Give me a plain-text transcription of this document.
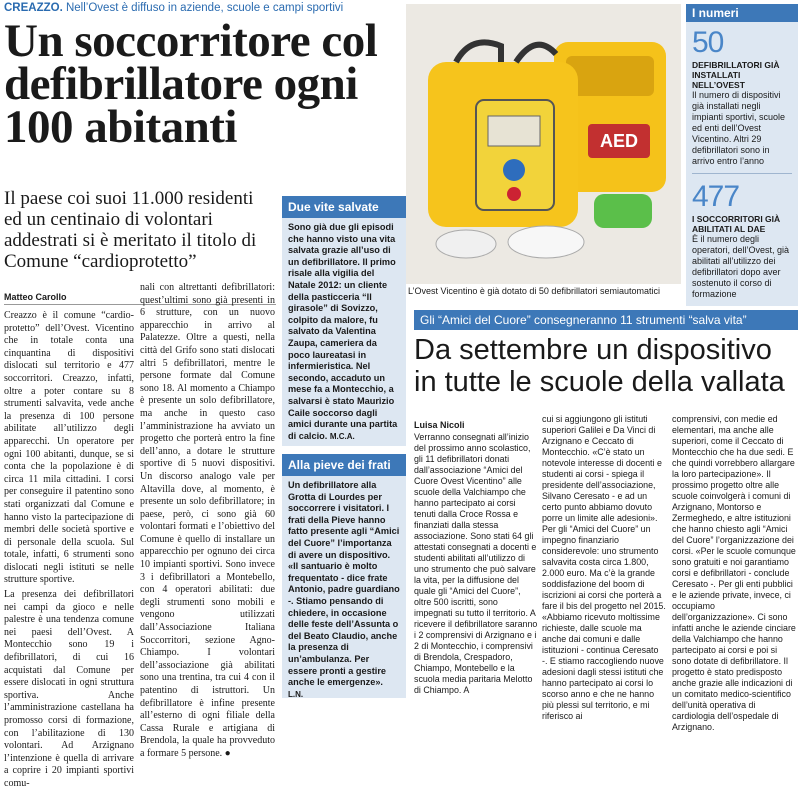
CREAZZO. Nell’Ovest è diffuso in aziende, scuole e campi sportivi
Un soccorritore col defibrillatore ogni 100 abitanti
Il paese coi suoi 11.000 residenti ed un centinaio di volontari addestrati si è meritato il titolo di Comune “cardioprotetto”
Matteo Carollo

Creazzo è il comune “cardio-protetto” dell’Ovest. Vicentino che in totale conta una cinquantina di dispositivi dislocati sul territorio e 477 soccorritori. Creazzo, infatti, oltre a poter contare su 8 strumenti salvavita, vede anche la presenza di 100 persone abilitate all’utilizzo degli apparecchi. Un operatore per ogni 100 abitanti, dunque, se si conta che la popolazione è di circa 11 mila cittadini. I corsi per conseguire il patentino sono stati organizzati dal Comune e hanno visto la partecipazione di membri delle società sportive e di personale della scuola. Sul totale, infatti, 6 strumenti sono dislocati negli istituti se nelle strutture sportive.

La presenza dei defibrillatori nei campi da gioco e nelle palestre è una tendenza comune nei paesi dell’Ovest. A Montecchio sono 19 i defibrillatori, di cui 16 acquistati dal Comune per essere dislocati in ogni struttura sportiva. Anche l’amministrazione castellana ha promosso corsi di formazione, con l’abilitazione di 130 volontari. Ad Arzignano l’intenzione è quella di arrivare a coprire i 20 impianti sportivi comu-

nali con altrettanti defibrillatori: quest’ultimi sono già presenti in 6 strutture, con un nuovo apparecchio in arrivo al Palatezze. Oltre a questi, nella città del Grifo sono stati dislocati altri 5 defibrillatori, mentre le persone formate dal Comune sono 18. Al momento a Chiampo è presente un solo defibrillatore, ma anche in questo caso l’amministrazione ha avviato un progetto che porterà entro la fine dell’anno, a dotare le strutture sportive di 5 nuovi dispositivi. Un discorso analogo vale per Altavilla dove, al momento, è presente un solo defibrillatore; in paese, però, ci sono già 60 volontari formati e l’obiettivo del Comune è quello di installare un apparecchio per ognuno dei circa 10 impianti sportivi. Sono invece 3 i defibrillatori a Montebello, con 4 operatori abilitati: due degli strumenti sono mobili e vengono utilizzati dall’Associazione Italiana Soccorritori, sezione Agno-Chiampo. I volontari dell’associazione già abilitati sono una trentina, tra cui 4 con il patentino di istruttori. Un defibrillatore è infine presente all’esterno di ogni filiale della Cassa Rurale e artigiana di Brendola, la quale ha provveduto a formare 5 persone. ●

Due vite salvate
Sono già due gli episodi che hanno visto una vita salvata grazie all’uso di un defibrillatore. Il primo risale alla vigilia del Natale 2012: un cliente della pasticceria “Il girasole” di Sovizzo, colpito da malore, fu salvato da Valentina Zaupa, cameriera da poco laureatasi in infermieristica. Nel secondo, accaduto un mese fa a Montecchio, a salvarsi è stato Maurizio Caile soccorso dagli amici durante una partita di calcio. M.C.A.
Alla pieve dei frati
Un defibrillatore alla Grotta di Lourdes per soccorrere i visitatori. I frati della Pieve hanno fatto presente agli “Amici del Cuore” l’importanza di avere un dispositivo. «Il santuario è molto frequentato - dice frate Antonio, padre guardiano -. Stiamo pensando di chiedere, in occasione delle feste dell’Assunta o del Beato Claudio, anche la presenza di un’ambulanza. Per essere pronti a gestire anche le emergenze». L.N.
AED
L’Ovest Vicentino è già dotato di 50 defibrillatori semiautomatici
I numeri
50
DEFIBRILLATORI GIÀ INSTALLATI NELL’OVEST
Il numero di dispositivi già installati negli impianti sportivi, scuole ed enti dell’Ovest Vicentino. Altri 29 defibrillatori sono in arrivo entro l’anno
477
I SOCCORRITORI GIÀ ABILITATI AL DAE
È il numero degli operatori, dell’Ovest, già abilitati all’utilizzo dei defibrillatori dopo aver sostenuto il corso di formazione
Gli “Amici del Cuore” consegneranno 11 strumenti “salva vita”
Da settembre un dispositivo in tutte le scuole della vallata
Luisa Nicoli

Verranno consegnati all’inizio del prossimo anno scolastico, gli 11 defibrillatori donati dall’associazione “Amici del Cuore Ovest Vicentino” alle scuole della Valchiampo che hanno partecipato ai corsi tenuti dalla Croce Rossa e finanziati dalla stessa associazione. Sono stati 64 gli attestati consegnati a docenti e studenti abilitati all’utilizzo di uno strumento che può salvare la vita, per la diffusione del quale gli “Amici del Cuore”, oltre 500 iscritti, sono impegnati su tutto il territorio. A ricevere il defibrillatore saranno i 2 comprensivi di Arzignano e i 2 di Montecchio, i comprensivi di Brendola, Crespadoro, Chiampo, Montebello e la scuola media paritaria Melotto di Chiampo. A

cui si aggiungono gli istituti superiori Galilei e Da Vinci di Arzignano e Ceccato di Montecchio. «C’è stato un notevole interesse di docenti e studenti ai corsi - spiega il presidente dell’associazione, Silvano Ceresato - e ad un certo punto abbiamo dovuto porre un limite alle adesioni». Per gli “Amici del Cuore” un impegno finanziario considerevole: uno strumento salvavita costa circa 1.800, 2.000 euro. Ma c’è la grande soddisfazione del boom di iscrizioni ai corsi che porterà a fare il bis del progetto nel 2015. «Abbiamo ricevuto moltissime richieste, dalle scuole ma anche dai comuni e dalle istituzioni - continua Ceresato -. E stiamo raccogliendo nuove adesioni dagli stessi istituti che hanno partecipato ai corsi lo scorso anno e che ne hanno più plessi sul territorio, e mi riferisco ai

comprensivi, con medie ed elementari, ma anche alle superiori, come il Ceccato di Montecchio che ha due sedi. E che quindi vorrebbero allargare la loro partecipazione». Il prossimo progetto oltre alle scuole coinvolgerà i comuni di Arzignano, Montorso e Zermeghedo, e altre istituzioni che hanno chiesto agli “Amici del Cuore” l’organizzazione dei corsi. «Per le scuole comunque sono gratuiti e noi garantiamo corsi e defibrillatori - conclude Ceresato -. Per gli enti pubblici e le aziende private, invece, ci occupiamo dell’organizzazione». Ci sono infatti anche le aziende cinciare della Valchiampo che hanno partecipato ai corsi e poi si sono dotate di defibrillatore. Il progetto è stato predisposto anche grazie alle indicazioni di un comitato medico-scientifico dell’unità operativa di cardiologia dell’ospedale di Arzignano.
